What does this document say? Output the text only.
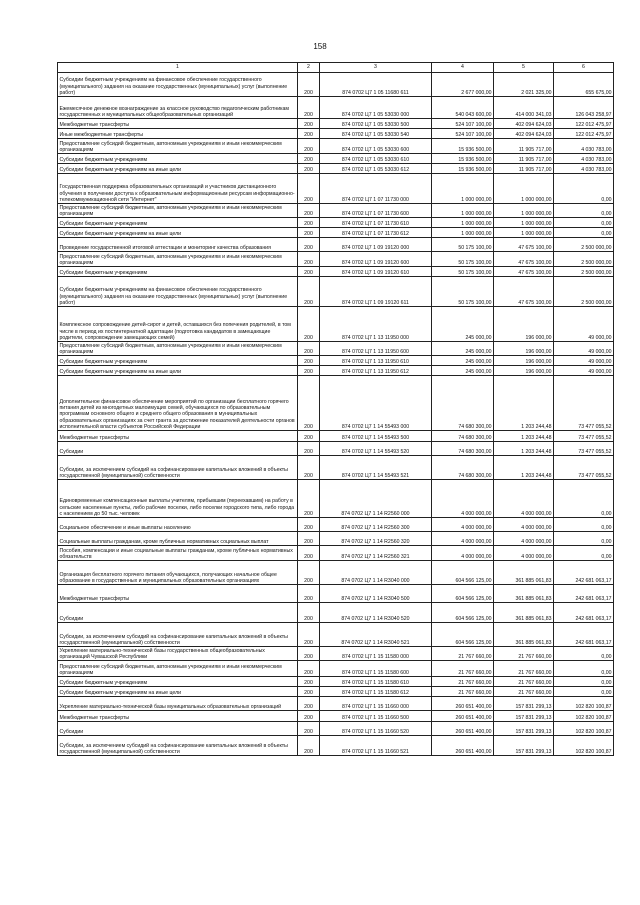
158
1	2	3	4	5	6
Субсидии бюджетным учреждениям на финансовое обеспечение государственного (муниципального) задания на оказание государственных (муниципальных) услуг (выполнение работ)	200	874 0702 Ц7 1 05 11680 611	2 677 000,00	2 021 325,00	655 675,00
Ежемесячное денежное вознаграждение за классное руководство педагогическим работникам государственных и муниципальных общеобразовательных организаций	200	874 0702 Ц7 1 05 53030 000	540 043 600,00	414 000 341,03	126 043 258,97
Межбюджетные трансферты	200	874 0702 Ц7 1 05 53030 500	524 107 100,00	402 094 624,03	122 012 475,97
Иные межбюджетные трансферты	200	874 0702 Ц7 1 05 53030 540	524 107 100,00	402 094 624,03	122 012 475,97
Предоставление субсидий бюджетным, автономным учреждениям и иным некоммерческим организациям	200	874 0702 Ц7 1 05 53030 600	15 936 500,00	11 905 717,00	4 030 783,00
Субсидии бюджетным учреждениям	200	874 0702 Ц7 1 05 53030 610	15 936 500,00	11 905 717,00	4 030 783,00
Субсидии бюджетным учреждениям на иные цели	200	874 0702 Ц7 1 05 53030 612	15 936 500,00	11 905 717,00	4 030 783,00
Государственная поддержка образовательных организаций и участников дистанционного обучения в получении доступа к образовательным информационным ресурсам информационно-телекоммуникационной сети "Интернет"	200	874 0702 Ц7 1 07 11730 000	1 000 000,00	1 000 000,00	0,00
Предоставление субсидий бюджетным, автономным учреждениям и иным некоммерческим организациям	200	874 0702 Ц7 1 07 11730 600	1 000 000,00	1 000 000,00	0,00
Субсидии бюджетным учреждениям	200	874 0702 Ц7 1 07 11730 610	1 000 000,00	1 000 000,00	0,00
Субсидии бюджетным учреждениям на иные цели	200	874 0702 Ц7 1 07 11730 612	1 000 000,00	1 000 000,00	0,00
Проведение государственной итоговой аттестации и мониторинг качества образования	200	874 0702 Ц7 1 09 19120 000	50 175 100,00	47 675 100,00	2 500 000,00
Предоставление субсидий бюджетным, автономным учреждениям и иным некоммерческим организациям	200	874 0702 Ц7 1 09 19120 600	50 175 100,00	47 675 100,00	2 500 000,00
Субсидии бюджетным учреждениям	200	874 0702 Ц7 1 09 19120 610	50 175 100,00	47 675 100,00	2 500 000,00
Субсидии бюджетным учреждениям на финансовое обеспечение государственного (муниципального) задания на оказание государственных (муниципальных) услуг (выполнение работ)	200	874 0702 Ц7 1 09 19120 611	50 175 100,00	47 675 100,00	2 500 000,00
Комплексное сопровождение детей-сирот и детей, оставшихся без попечения родителей, в том числе в период их постинтернатной адаптации (подготовка кандидатов в замещающие родители, сопровождение замещающих семей)	200	874 0702 Ц7 1 13 11950 000	245 000,00	196 000,00	49 000,00
Предоставление субсидий бюджетным, автономным учреждениям и иным некоммерческим организациям	200	874 0702 Ц7 1 13 11950 600	245 000,00	196 000,00	49 000,00
Субсидии бюджетным учреждениям	200	874 0702 Ц7 1 13 11950 610	245 000,00	196 000,00	49 000,00
Субсидии бюджетным учреждениям на иные цели	200	874 0702 Ц7 1 13 11950 612	245 000,00	196 000,00	49 000,00
Дополнительное финансовое обеспечение мероприятий по организации бесплатного горячего питания детей из многодетных малоимущих семей, обучающихся по образовательным программам основного общего и среднего общего образования в муниципальных образовательных организациях за счет гранта за достижение показателей деятельности органов исполнительной власти субъектов Российской Федерации	200	874 0702 Ц7 1 14 55493 000	74 680 300,00	1 203 244,48	73 477 055,52
Межбюджетные трансферты	200	874 0702 Ц7 1 14 55493 500	74 680 300,00	1 203 244,48	73 477 055,52
Субсидии	200	874 0702 Ц7 1 14 55493 520	74 680 300,00	1 203 244,48	73 477 055,52
Субсидии, за исключением субсидий на софинансирование капитальных вложений в объекты государственной (муниципальной) собственности	200	874 0702 Ц7 1 14 55493 521	74 680 300,00	1 203 244,48	73 477 055,52
Единовременные компенсационные выплаты учителям, прибывшим (переехавшим) на работу в сельские населенные пункты, либо рабочие поселки, либо поселки городского типа, либо города с населением до 50 тыс. человек	200	874 0702 Ц7 1 14 R2560 000	4 000 000,00	4 000 000,00	0,00
Социальное обеспечение и иные выплаты населению	200	874 0702 Ц7 1 14 R2560 300	4 000 000,00	4 000 000,00	0,00
Социальные выплаты гражданам, кроме публичных нормативных социальных выплат	200	874 0702 Ц7 1 14 R2560 320	4 000 000,00	4 000 000,00	0,00
Пособия, компенсации и иные социальные выплаты гражданам, кроме публичных нормативных обязательств	200	874 0702 Ц7 1 14 R2560 321	4 000 000,00	4 000 000,00	0,00
Организация бесплатного горячего питания обучающихся, получающих начальное общее образование в государственных и муниципальных образовательных организациях	200	874 0702 Ц7 1 14 R3040 000	604 566 125,00	361 885 061,83	242 681 063,17
Межбюджетные трансферты	200	874 0702 Ц7 1 14 R3040 500	604 566 125,00	361 885 061,83	242 681 063,17
Субсидии	200	874 0702 Ц7 1 14 R3040 520	604 566 125,00	361 885 061,83	242 681 063,17
Субсидии, за исключением субсидий на софинансирование капитальных вложений в объекты государственной (муниципальной) собственности	200	874 0702 Ц7 1 14 R3040 521	604 566 125,00	361 885 061,83	242 681 063,17
Укрепление материально-технической базы государственных общеобразовательных организаций Чувашской Республики	200	874 0702 Ц7 1 15 11580 000	21 767 660,00	21 767 660,00	0,00
Предоставление субсидий бюджетным, автономным учреждениям и иным некоммерческим организациям	200	874 0702 Ц7 1 15 11580 600	21 767 660,00	21 767 660,00	0,00
Субсидии бюджетным учреждениям	200	874 0702 Ц7 1 15 11580 610	21 767 660,00	21 767 660,00	0,00
Субсидии бюджетным учреждениям на иные цели	200	874 0702 Ц7 1 15 11580 612	21 767 660,00	21 767 660,00	0,00
Укрепление материально-технической базы муниципальных образовательных организаций	200	874 0702 Ц7 1 15 11660 000	260 651 400,00	157 831 299,13	102 820 100,87
Межбюджетные трансферты	200	874 0702 Ц7 1 15 11660 500	260 651 400,00	157 831 299,13	102 820 100,87
Субсидии	200	874 0702 Ц7 1 15 11660 520	260 651 400,00	157 831 299,13	102 820 100,87
Субсидии, за исключением субсидий на софинансирование капитальных вложений в объекты государственной (муниципальной) собственности	200	874 0702 Ц7 1 15 11660 521	260 651 400,00	157 831 299,13	102 820 100,87
